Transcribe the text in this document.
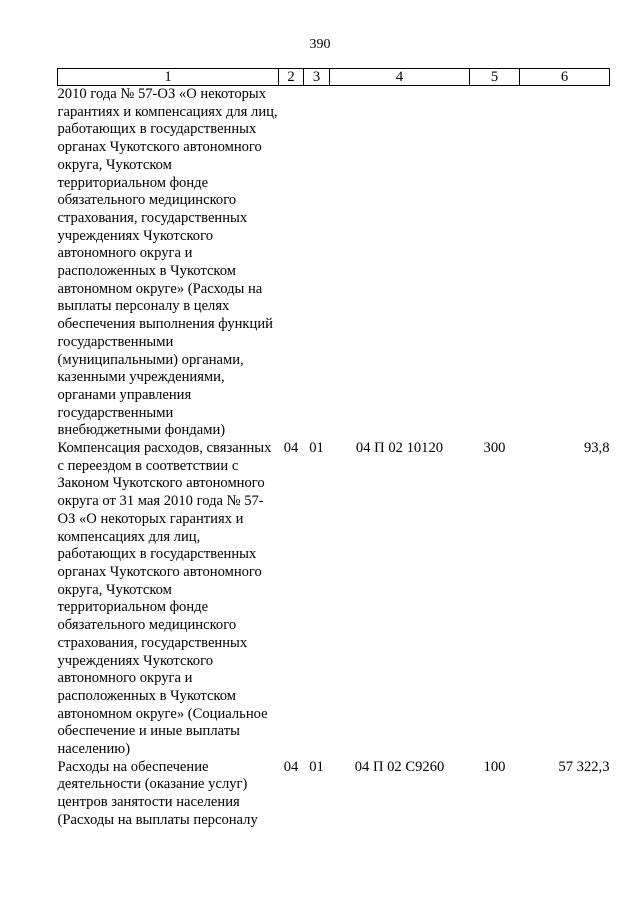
390
1	2	3	4	5	6
2010 года № 57-ОЗ «О некоторых гарантиях и компенсациях для лиц, работающих в государственных органах Чукотского автономного округа, Чукотском территориальном фонде обязательного медицинского страхования, государственных учреждениях Чукотского автономного округа и расположенных в Чукотском автономном округе» (Расходы на выплаты персоналу в целях обеспечения выполнения функций государственными (муниципальными) органами, казенными учреждениями, органами управления государственными внебюджетными фондами)					
Компенсация расходов, связанных с переездом в соответствии с Законом Чукотского автономного округа от 31 мая 2010 года № 57-ОЗ «О некоторых гарантиях и компенсациях для лиц, работающих в государственных органах Чукотского автономного округа, Чукотском территориальном фонде обязательного медицинского страхования, государственных учреждениях Чукотского автономного округа и расположенных в Чукотском автономном округе» (Социальное обеспечение и иные выплаты населению)	04	01	04 П 02 10120	300	93,8
Расходы на обеспечение деятельности (оказание услуг) центров занятости населения (Расходы на выплаты персоналу	04	01	04 П 02 С9260	100	57 322,3
